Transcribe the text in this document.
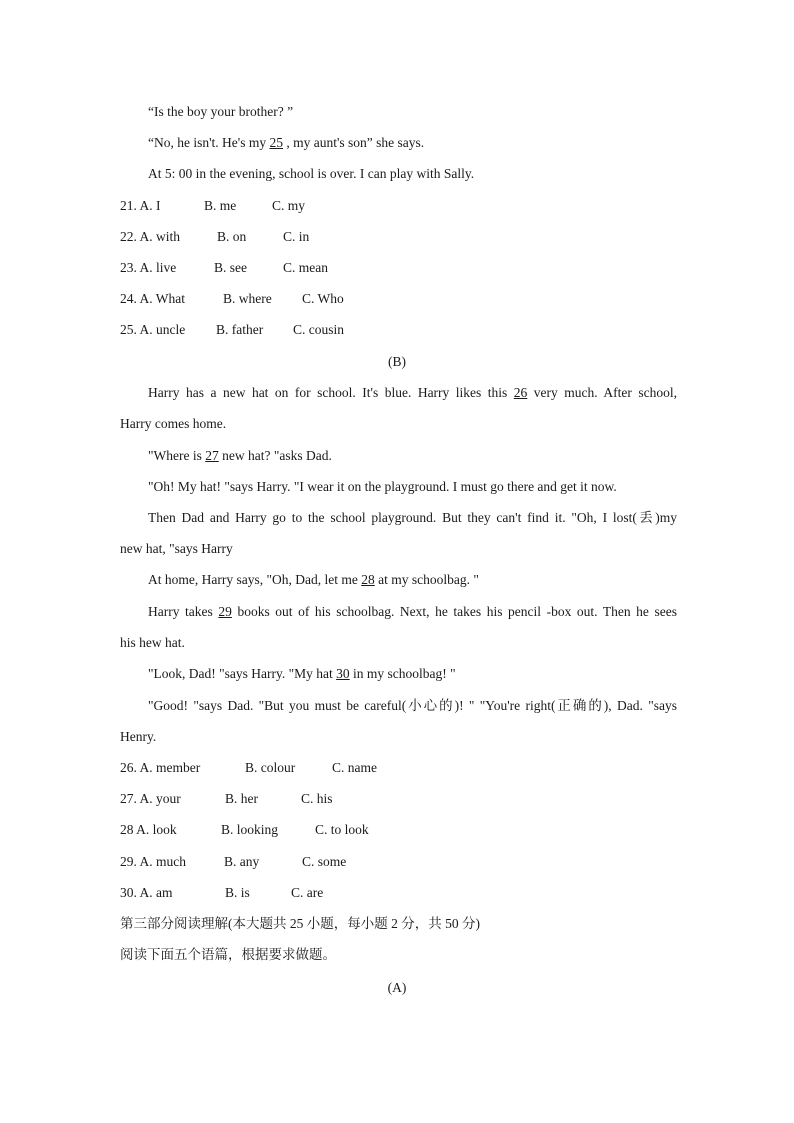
“Is the boy your brother? ”
“No, he isn't. He's my 25 , my aunt's son” she says.
At 5: 00 in the evening, school is over. I can play with Sally.
21. A. I	B. me	C. my
22. A. with	B. on	C. in
23. A. live	B. see	C. mean
24. A. What	B. where C. Who
25. A. uncle B. father C. cousin
(B)
Harry has a new hat on for school. It's blue. Harry likes this 26 very much. After school,
Harry comes home.
"Where is 27 new hat? "asks Dad.
"Oh! My hat! "says Harry. "I wear it on the playground. I must go there and get it now.
Then Dad and Harry go to the school playground. But they can't find it. "Oh, I lost(丢)my
new hat, "says Harry
At home, Harry says, "Oh, Dad, let me 28 at my schoolbag. "
Harry takes 29 books out of his schoolbag. Next, he takes his pencil -box out. Then he sees
his hew hat.
"Look, Dad! "says Harry. "My hat 30 in my schoolbag! "
"Good! "says Dad. "But you must be careful(小心的)! " "You're right(正确的), Dad. "says
Henry.
26. A. member	B. colour	C. name
27. A. your	B. her	C. his
28 A. look	B. looking	C. to look
29. A. much	B. any	C. some
30. A. am	B. is	C. are
第三部分阅读理解(本大题共 25 小题，每小题 2 分，共 50 分)
阅读下面五个语篇，根据要求做题。
(A)
